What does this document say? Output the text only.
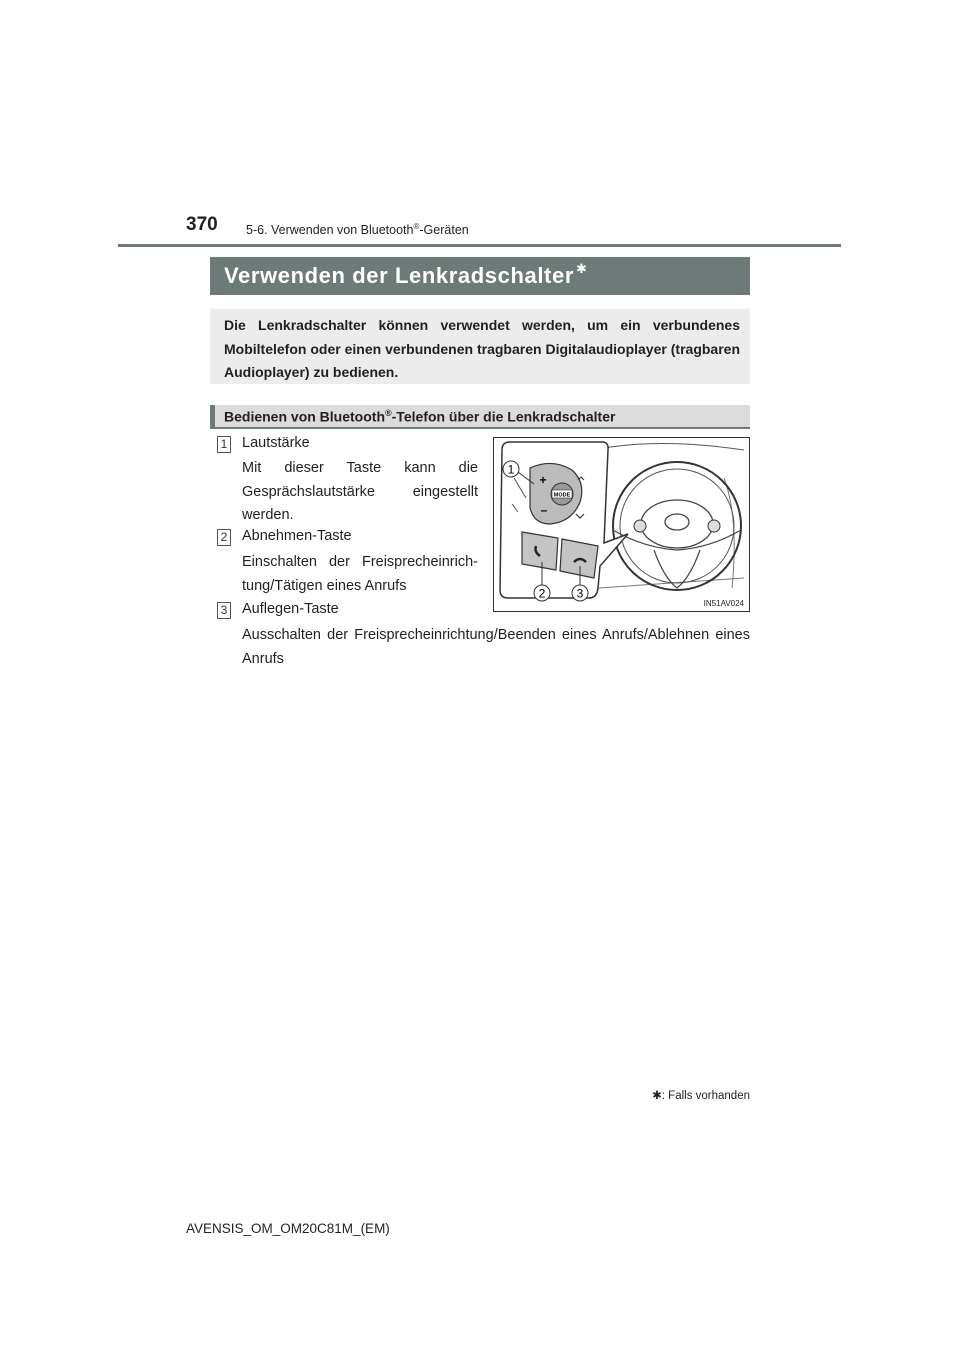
370 5-6. Verwenden von Bluetooth®-Geräten
Verwenden der Lenkradschalter ✱
Die Lenkradschalter können verwendet werden, um ein verbundenes Mobiltelefon oder einen verbundenen tragbaren Digitalaudioplayer (tragbaren Audioplayer) zu bedienen.
Bedienen von Bluetooth®-Telefon über die Lenkradschalter
1 Lautstärke
Mit dieser Taste kann die Gesprächslautstärke eingestellt werden.
2 Abnehmen-Taste
Einschalten der Freisprecheinrich-tung/Tätigen eines Anrufs
3 Auflegen-Taste
Ausschalten der Freisprecheinrichtung/Beenden eines Anrufs/Ablehnen eines Anrufs
MODE
+
–
1
2	3
IN51AV024
✱: Falls vorhanden
AVENSIS_OM_OM20C81M_(EM)
